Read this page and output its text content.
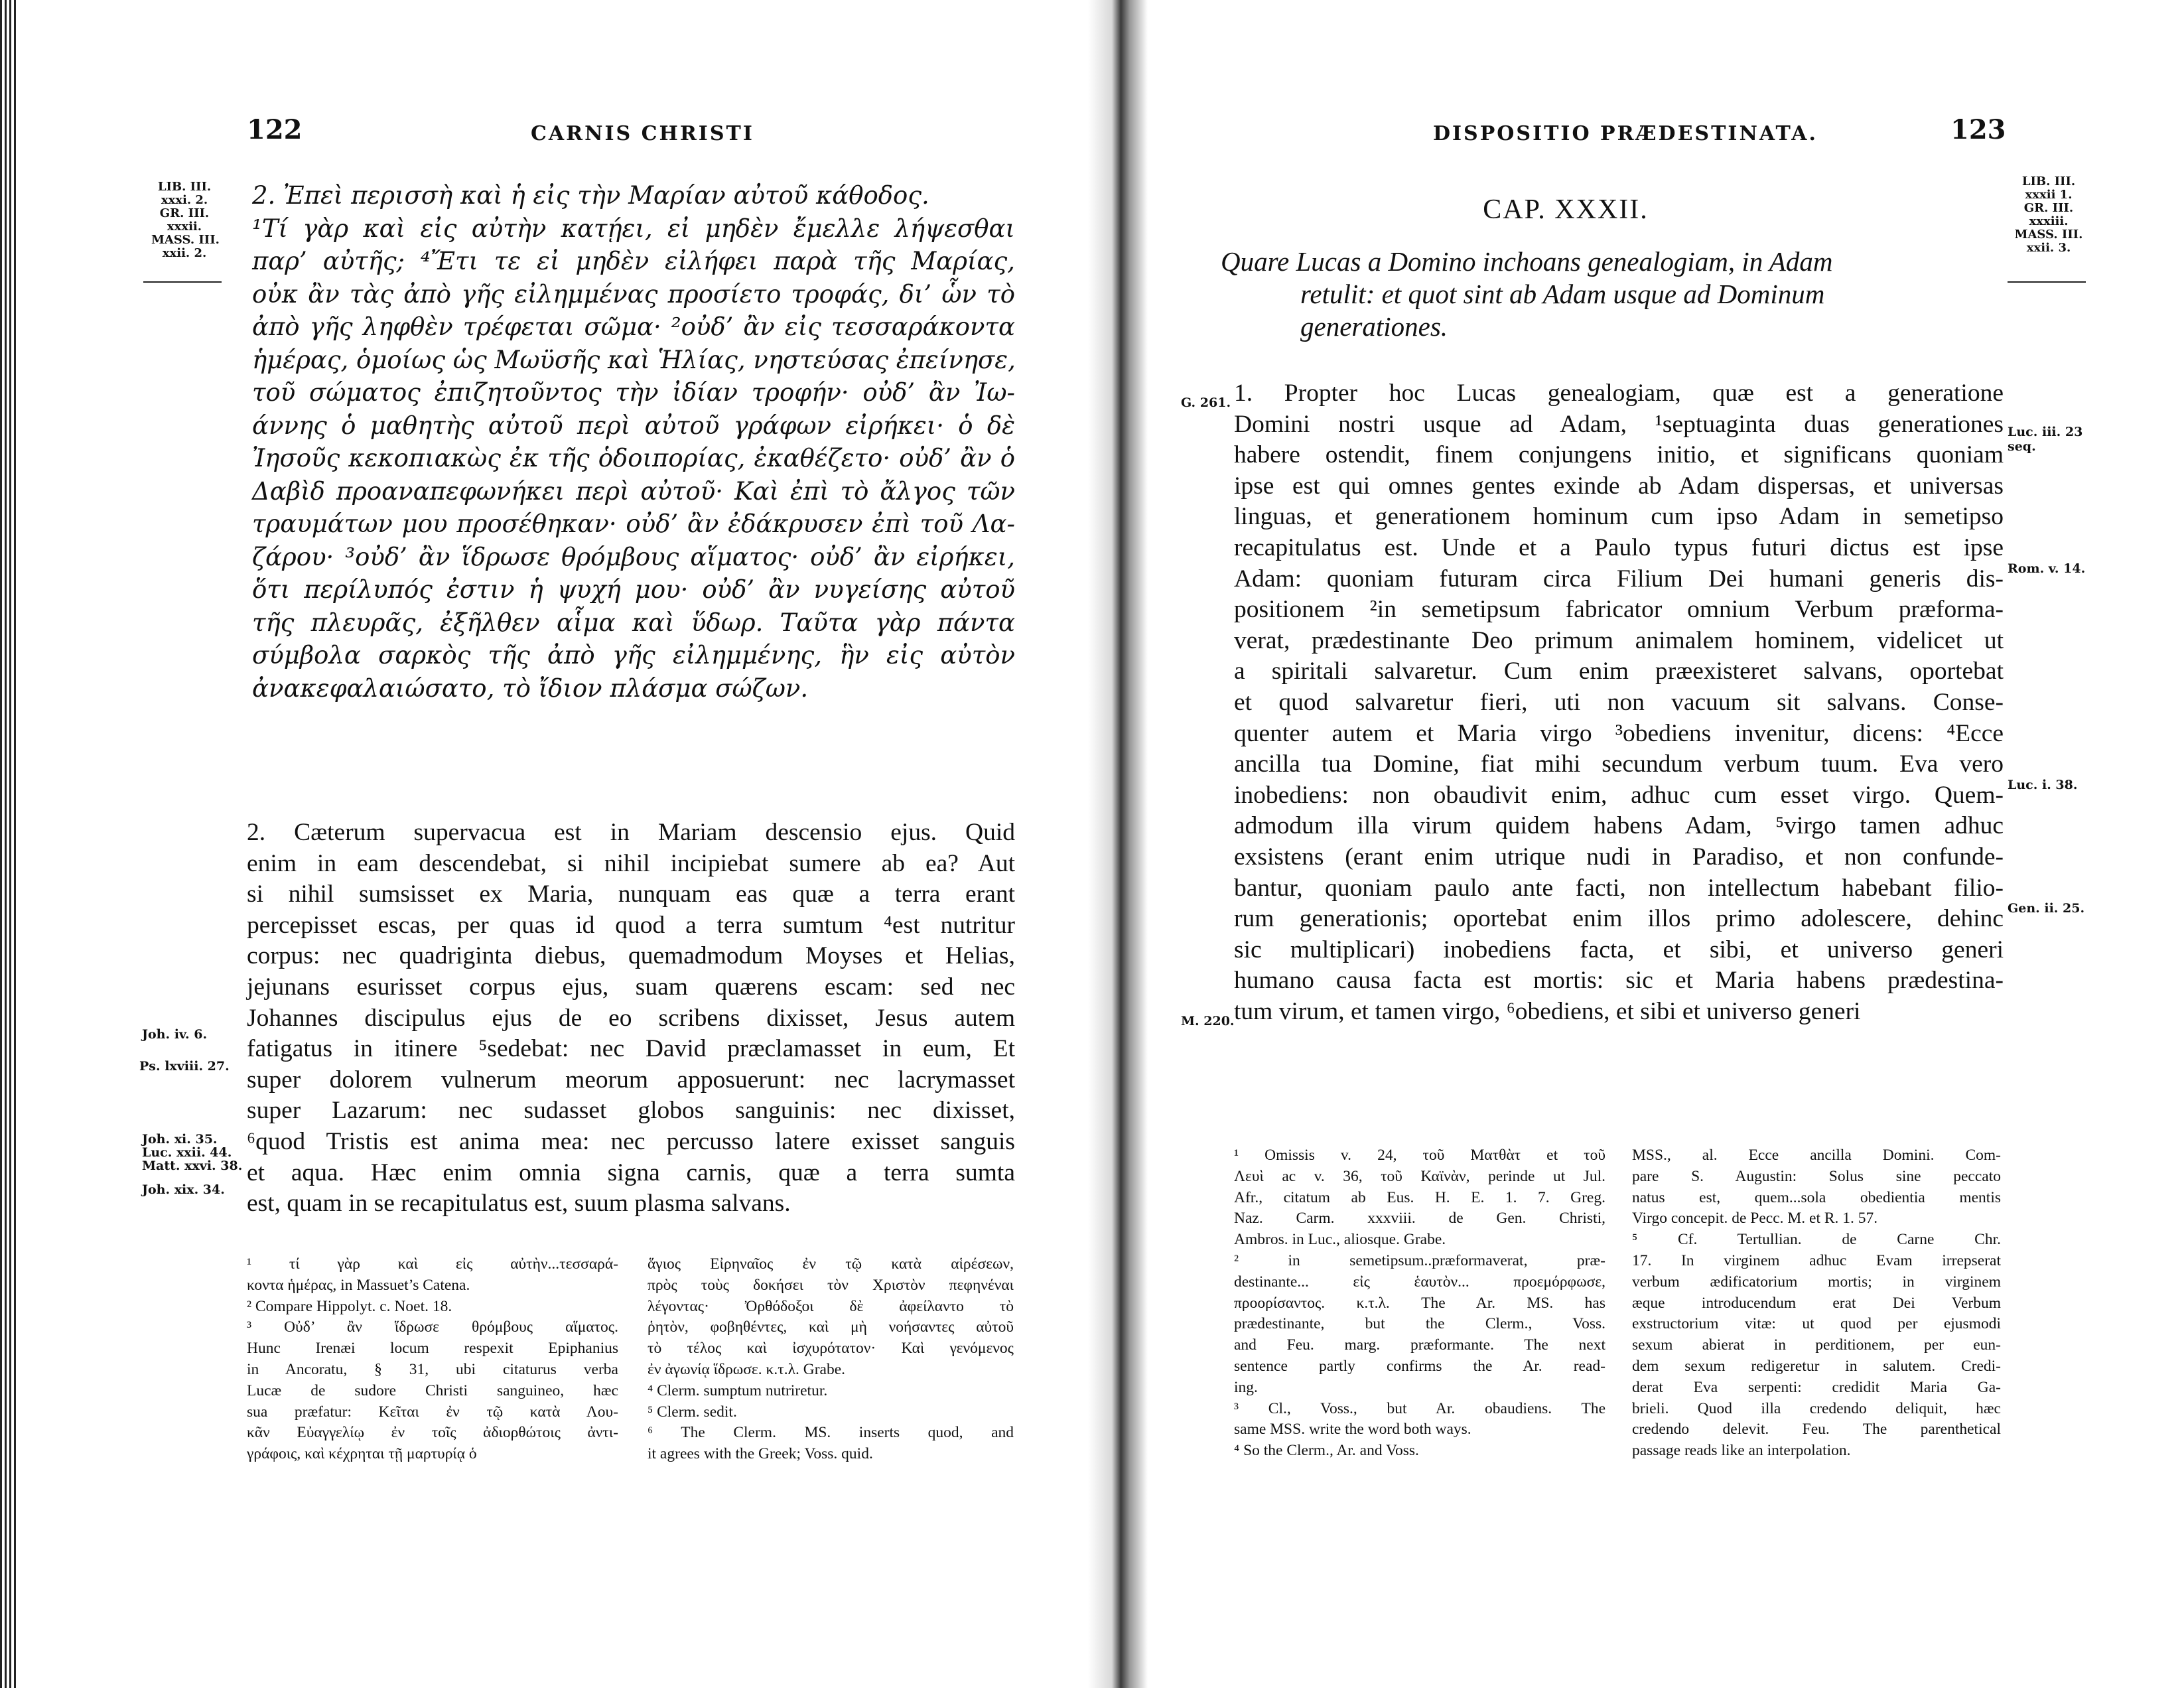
122	CARNIS CHRISTI
LIB. III.
xxxi. 2.
GR. III.
xxxii.
MASS. III.
xxii. 2.
2. Ἐπεὶ περισσὴ καὶ ἡ εἰς τὴν Μαρίαν αὐτοῦ κάθοδος.
¹Τί γὰρ καὶ εἰς αὐτὴν κατῄει, εἰ μηδὲν ἔμελλε λήψεσθαι
παρ’ αὐτῆς; ⁴Ἔτι τε εἰ μηδὲν εἰλήφει παρὰ τῆς Μαρίας,
οὐκ ἂν τὰς ἀπὸ γῆς εἰλημμένας προσίετο τροφάς, δι’ ὧν τὸ
ἀπὸ γῆς ληφθὲν τρέφεται σῶμα· ²οὐδ’ ἂν εἰς τεσσαράκοντα
ἡμέρας, ὁμοίως ὡς Μωϋσῆς καὶ Ἡλίας, νηστεύσας ἐπείνησε,
τοῦ σώματος ἐπιζητοῦντος τὴν ἰδίαν τροφήν· οὐδ’ ἂν Ἰω-
άννης ὁ μαθητὴς αὐτοῦ περὶ αὐτοῦ γράφων εἰρήκει· ὁ δὲ
Ἰησοῦς κεκοπιακὼς ἐκ τῆς ὁδοιπορίας, ἐκαθέζετο· οὐδ’ ἂν ὁ
Δαβὶδ προαναπεφωνήκει περὶ αὐτοῦ· Καὶ ἐπὶ τὸ ἄλγος τῶν
τραυμάτων μου προσέθηκαν· οὐδ’ ἂν ἐδάκρυσεν ἐπὶ τοῦ Λα-
ζάρου· ³οὐδ’ ἂν ἵδρωσε θρόμβους αἵματος· οὐδ’ ἂν εἰρήκει,
ὅτι περίλυπός ἐστιν ἡ ψυχή μου· οὐδ’ ἂν νυγείσης αὐτοῦ
τῆς πλευρᾶς, ἐξῆλθεν αἷμα καὶ ὕδωρ. Ταῦτα γὰρ πάντα
σύμβολα σαρκὸς τῆς ἀπὸ γῆς εἰλημμένης, ἣν εἰς αὐτὸν
ἀνακεφαλαιώσατο, τὸ ἴδιον πλάσμα σώζων.
2. Cæterum supervacua est in Mariam descensio ejus. Quid
enim in eam descendebat, si nihil incipiebat sumere ab ea? Aut
si nihil sumsisset ex Maria, nunquam eas quæ a terra erant
percepisset escas, per quas id quod a terra sumtum ⁴est nutritur
corpus: nec quadriginta diebus, quemadmodum Moyses et Helias,
jejunans esurisset corpus ejus, suam quærens escam: sed nec
Johannes discipulus ejus de eo scribens dixisset, Jesus autem
fatigatus in itinere ⁵sedebat: nec David præclamasset in eum, Et
super dolorem vulnerum meorum apposuerunt: nec lacrymasset
super Lazarum: nec sudasset globos sanguinis: nec dixisset,
⁶quod Tristis est anima mea: nec percusso latere exisset sanguis
et aqua. Hæc enim omnia signa carnis, quæ a terra sumta
est, quam in se recapitulatus est, suum plasma salvans.
Joh. iv. 6.
Ps. lxviii. 27.
Joh. xi. 35.
Luc. xxii. 44.
Matt. xxvi. 38.
Joh. xix. 34.
¹ τί γὰρ καὶ εἰς αὐτὴν...τεσσαρά-
κοντα ἡμέρας, in Massuet’s Catena.
² Compare Hippolyt. c. Noet. 18.
³ Οὐδ’ ἂν ἵδρωσε θρόμβους αἵματος.
Hunc Irenæi locum respexit Epiphanius
in Ancoratu, § 31, ubi citaturus verba
Lucæ de sudore Christi sanguineo, hæc
sua præfatur: Κεῖται ἐν τῷ κατὰ Λου-
κᾶν Εὐαγγελίῳ ἐν τοῖς ἀδιορθώτοις ἀντι-
γράφοις, καὶ κέχρηται τῇ μαρτυρίᾳ ὁ
ἅγιος Εἰρηναῖος ἐν τῷ κατὰ αἱρέσεων,
πρὸς τοὺς δοκήσει τὸν Χριστὸν πεφηνέναι
λέγοντας· Ὀρθόδοξοι δὲ ἀφείλαντο τὸ
ῥητὸν, φοβηθέντες, καὶ μὴ νοήσαντες αὐτοῦ
τὸ τέλος καὶ ἰσχυρότατον· Καὶ γενόμενος
ἐν ἀγωνίᾳ ἵδρωσε. κ.τ.λ. Grabe.
⁴ Clerm. sumptum nutriretur.
⁵ Clerm. sedit.
⁶ The Clerm. MS. inserts quod, and
it agrees with the Greek; Voss. quid.
DISPOSITIO PRÆDESTINATA.	123
LIB. III.
xxxii 1.
GR. III.
xxxiii.
MASS. III.
xxii. 3.
CAP. XXXII.
Quare Lucas a Domino inchoans genealogiam, in Adam
retulit: et quot sint ab Adam usque ad Dominum
generationes.
G. 261.
M. 220.
1. Propter hoc Lucas genealogiam, quæ est a generatione
Domini nostri usque ad Adam, ¹septuaginta duas generationes
habere ostendit, finem conjungens initio, et significans quoniam
ipse est qui omnes gentes exinde ab Adam dispersas, et universas
linguas, et generationem hominum cum ipso Adam in semetipso
recapitulatus est. Unde et a Paulo typus futuri dictus est ipse
Adam: quoniam futuram circa Filium Dei humani generis dis-
positionem ²in semetipsum fabricator omnium Verbum præforma-
verat, prædestinante Deo primum animalem hominem, videlicet ut
a spiritali salvaretur. Cum enim præexisteret salvans, oportebat
et quod salvaretur fieri, uti non vacuum sit salvans. Conse-
quenter autem et Maria virgo ³obediens invenitur, dicens: ⁴Ecce
ancilla tua Domine, fiat mihi secundum verbum tuum. Eva vero
inobediens: non obaudivit enim, adhuc cum esset virgo. Quem-
admodum illa virum quidem habens Adam, ⁵virgo tamen adhuc
exsistens (erant enim utrique nudi in Paradiso, et non confunde-
bantur, quoniam paulo ante facti, non intellectum habebant filio-
rum generationis; oportebat enim illos primo adolescere, dehinc
sic multiplicari) inobediens facta, et sibi, et universo generi
humano causa facta est mortis: sic et Maria habens prædestina-
tum virum, et tamen virgo, ⁶obediens, et sibi et universo generi
Luc. iii. 23
seq.
Rom. v. 14.
Luc. i. 38.
Gen. ii. 25.
¹ Omissis v. 24, τοῦ Ματθὰτ et τοῦ
Λευὶ ac v. 36, τοῦ Καϊνὰν, perinde ut Jul.
Afr., citatum ab Eus. H. E. 1. 7. Greg.
Naz. Carm. xxxviii. de Gen. Christi,
Ambros. in Luc., aliosque. Grabe.
² in semetipsum..præformaverat, præ-
destinante... εἰς ἑαυτὸν... προεμόρφωσε,
προορίσαντος. κ.τ.λ. The Ar. MS. has
prædestinante, but the Clerm., Voss.
and Feu. marg. præformante. The next
sentence partly confirms the Ar. read-
ing.
³ Cl., Voss., but Ar. obaudiens. The
same MSS. write the word both ways.
⁴ So the Clerm., Ar. and Voss.
MSS., al. Ecce ancilla Domini. Com-
pare S. Augustin: Solus sine peccato
natus est, quem...sola obedientia mentis
Virgo concepit. de Pecc. M. et R. 1. 57.
⁵ Cf. Tertullian. de Carne Chr.
17. In virginem adhuc Evam irrepserat
verbum ædificatorium mortis; in virginem
æque introducendum erat Dei Verbum
exstructorium vitæ: ut quod per ejusmodi
sexum abierat in perditionem, per eun-
dem sexum redigeretur in salutem. Credi-
derat Eva serpenti: credidit Maria Ga-
brieli. Quod illa credendo deliquit, hæc
credendo delevit. Feu. The parenthetical
passage reads like an interpolation.
